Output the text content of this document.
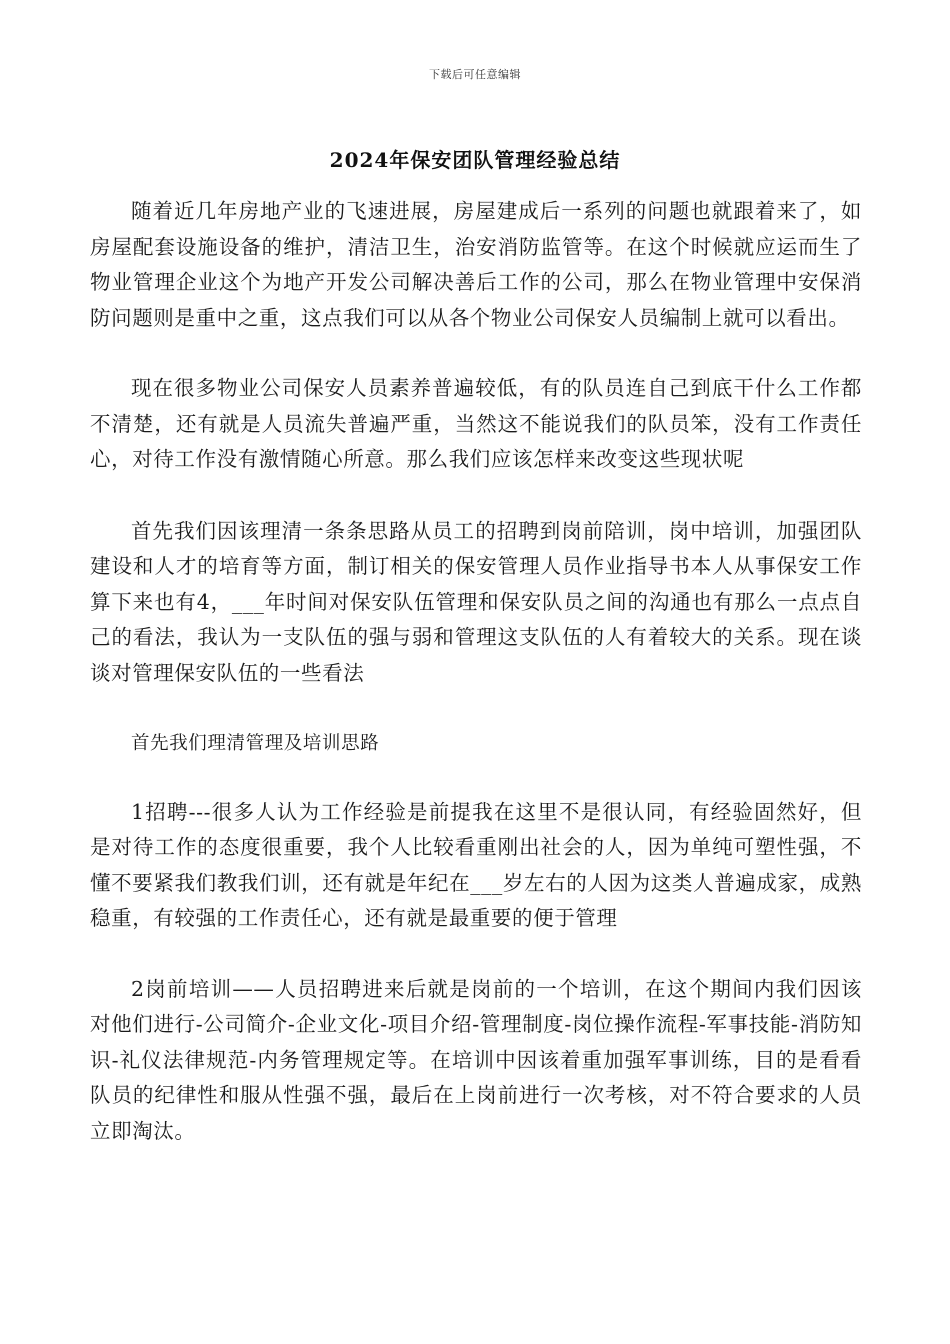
下载后可任意编辑
2024年保安团队管理经验总结

随着近几年房地产业的飞速进展，房屋建成后一系列的问题也就跟着来了，如房屋配套设施设备的维护，清洁卫生，治安消防监管等。在这个时候就应运而生了物业管理企业这个为地产开发公司解决善后工作的公司，那么在物业管理中安保消防问题则是重中之重，这点我们可以从各个物业公司保安人员编制上就可以看出。

现在很多物业公司保安人员素养普遍较低，有的队员连自己到底干什么工作都不清楚，还有就是人员流失普遍严重，当然这不能说我们的队员笨，没有工作责任心，对待工作没有激情随心所意。那么我们应该怎样来改变这些现状呢

首先我们因该理清一条条思路从员工的招聘到岗前陪训，岗中培训，加强团队建设和人才的培育等方面，制订相关的保安管理人员作业指导书本人从事保安工作算下来也有4，___年时间对保安队伍管理和保安队员之间的沟通也有那么一点点自己的看法，我认为一支队伍的强与弱和管理这支队伍的人有着较大的关系。现在谈谈对管理保安队伍的一些看法

首先我们理清管理及培训思路

1招聘---很多人认为工作经验是前提我在这里不是很认同，有经验固然好，但是对待工作的态度很重要，我个人比较看重刚出社会的人，因为单纯可塑性强，不懂不要紧我们教我们训，还有就是年纪在___岁左右的人因为这类人普遍成家，成熟稳重，有较强的工作责任心，还有就是最重要的便于管理

2岗前培训——人员招聘进来后就是岗前的一个培训，在这个期间内我们因该对他们进行-公司简介-企业文化-项目介绍-管理制度-岗位操作流程-军事技能-消防知识-礼仪法律规范-内务管理规定等。在培训中因该着重加强军事训练，目的是看看队员的纪律性和服从性强不强，最后在上岗前进行一次考核，对不符合要求的人员立即淘汰。
